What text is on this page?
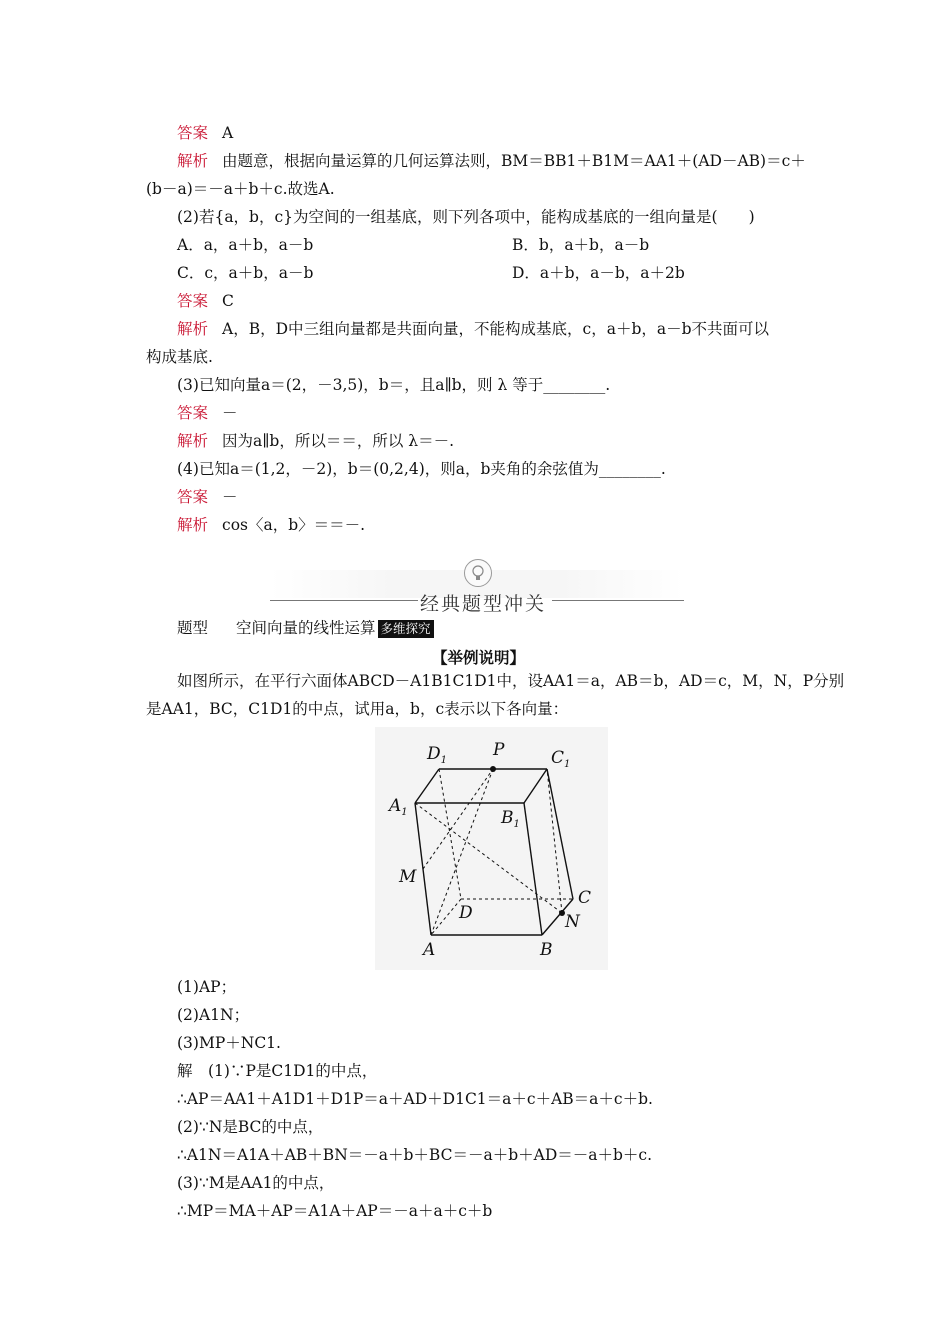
答案 A
解析 由题意，根据向量运算的几何运算法则，BM＝BB1＋B1M＝AA1＋(AD－AB)＝c＋
(b－a)＝－a＋b＋c.故选A.
(2)若{a，b，c}为空间的一组基底，则下列各项中，能构成基底的一组向量是(　　)
A．a，a＋b，a－b	B．b，a＋b，a－b
C．c，a＋b，a－b	D．a＋b，a－b，a＋2b
答案 C
解析 A，B，D中三组向量都是共面向量，不能构成基底，c，a＋b，a－b不共面可以
构成基底.
(3)已知向量a＝(2，－3,5)，b＝，且a∥b，则 λ 等于________.
答案 －
解析 因为a∥b，所以＝＝，所以 λ＝－.
(4)已知a＝(1,2，－2)，b＝(0,2,4)，则a，b夹角的余弦值为________.
答案 －
解析 cos〈a，b〉＝＝－.
经典题型冲关
题型 空间向量的线性运算 多维探究
【举例说明】
如图所示，在平行六面体ABCD－A1B1C1D1中，设AA1＝a，AB＝b，AD＝c，M，N，P分别
是AA1，BC，C1D1的中点，试用a，b，c表示以下各向量：
$D_1$
P	$C_1$
$A_1$	$B_1$
M
D
C
N
A	B
(1)AP；
(2)A1N；
(3)MP＋NC1.
解　(1)∵P是C1D1的中点，
∴AP＝AA1＋A1D1＋D1P＝a＋AD＋D1C1＝a＋c＋AB＝a＋c＋b.
(2)∵N是BC的中点，
∴A1N＝A1A＋AB＋BN＝－a＋b＋BC＝－a＋b＋AD＝－a＋b＋c.
(3)∵M是AA1的中点，
∴MP＝MA＋AP＝A1A＋AP＝－a＋a＋c＋b
